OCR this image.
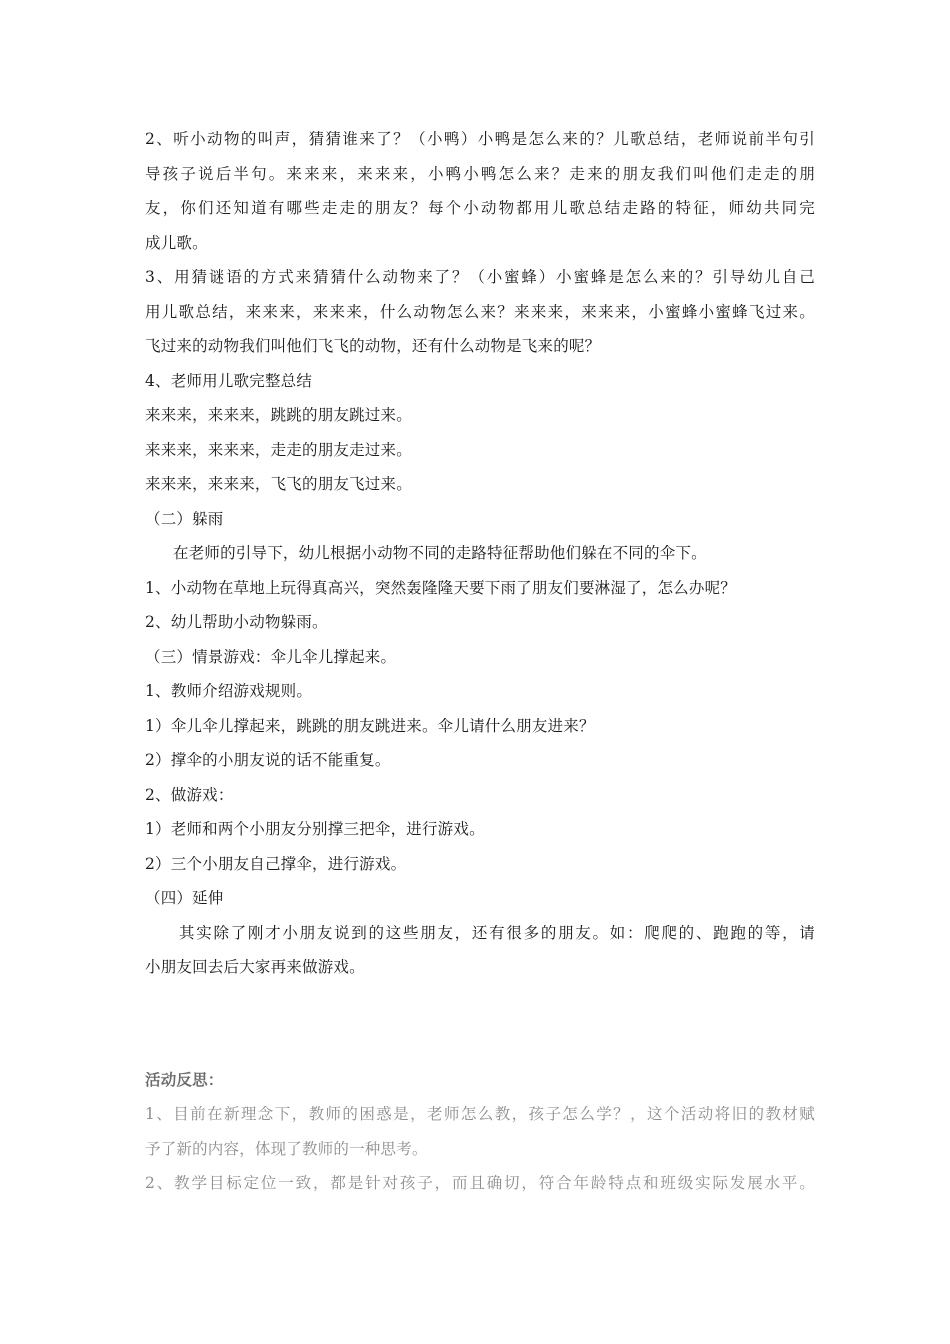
2、听小动物的叫声，猜猜谁来了？（小鸭）小鸭是怎么来的？儿歌总结，老师说前半句引
导孩子说后半句。来来来，来来来，小鸭小鸭怎么来？走来的朋友我们叫他们走走的朋
友，你们还知道有哪些走走的朋友？每个小动物都用儿歌总结走路的特征，师幼共同完
成儿歌。
3、用猜谜语的方式来猜猜什么动物来了？（小蜜蜂）小蜜蜂是怎么来的？引导幼儿自己
用儿歌总结，来来来，来来来，什么动物怎么来？来来来，来来来，小蜜蜂小蜜蜂飞过来。
飞过来的动物我们叫他们飞飞的动物，还有什么动物是飞来的呢？
4、老师用儿歌完整总结
来来来，来来来，跳跳的朋友跳过来。
来来来，来来来，走走的朋友走过来。
来来来，来来来，飞飞的朋友飞过来。
（二）躲雨
在老师的引导下，幼儿根据小动物不同的走路特征帮助他们躲在不同的伞下。
1、小动物在草地上玩得真高兴，突然轰隆隆天要下雨了朋友们要淋湿了，怎么办呢？
2、幼儿帮助小动物躲雨。
（三）情景游戏：伞儿伞儿撑起来。
1、教师介绍游戏规则。
1）伞儿伞儿撑起来，跳跳的朋友跳进来。伞儿请什么朋友进来？
2）撑伞的小朋友说的话不能重复。
2、做游戏：
1）老师和两个小朋友分别撑三把伞，进行游戏。
2）三个小朋友自己撑伞，进行游戏。
（四）延伸
其实除了刚才小朋友说到的这些朋友，还有很多的朋友。如：爬爬的、跑跑的等，请
小朋友回去后大家再来做游戏。
活动反思：
1、目前在新理念下，教师的困惑是，老师怎么教，孩子怎么学？，这个活动将旧的教材赋
予了新的内容，体现了教师的一种思考。
2、教学目标定位一致，都是针对孩子，而且确切，符合年龄特点和班级实际发展水平。
